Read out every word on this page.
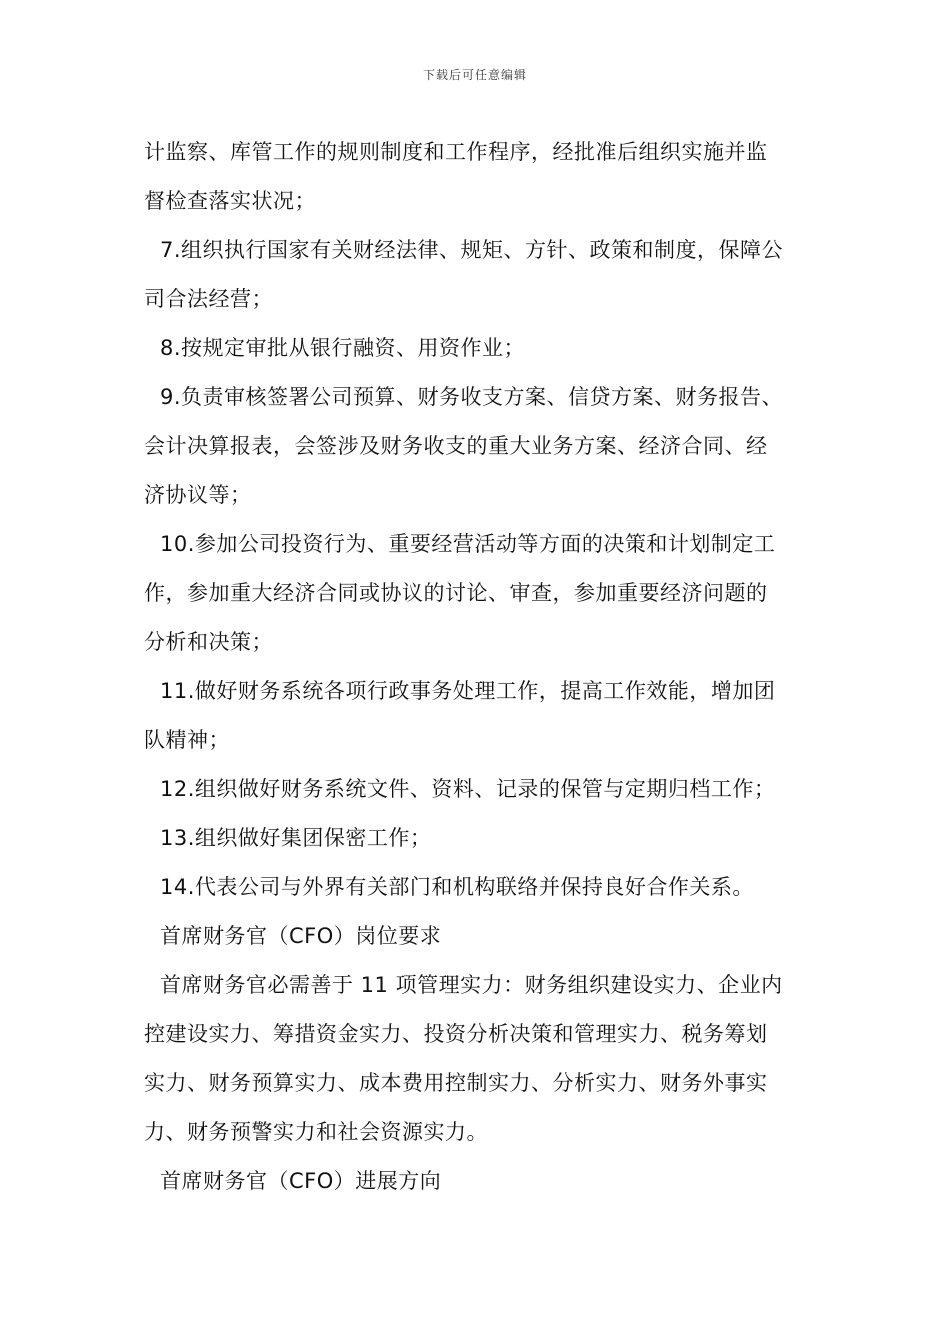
下载后可任意编辑

计监察、库管工作的规则制度和工作程序，经批准后组织实施并监

督检查落实状况；

7.组织执行国家有关财经法律、规矩、方针、政策和制度，保障公

司合法经营；

8.按规定审批从银行融资、用资作业；

9.负责审核签署公司预算、财务收支方案、信贷方案、财务报告、

会计决算报表，会签涉及财务收支的重大业务方案、经济合同、经

济协议等；

10.参加公司投资行为、重要经营活动等方面的决策和计划制定工

作，参加重大经济合同或协议的讨论、审查，参加重要经济问题的

分析和决策；

11.做好财务系统各项行政事务处理工作，提高工作效能，增加团

队精神；

12.组织做好财务系统文件、资料、记录的保管与定期归档工作；

13.组织做好集团保密工作；

14.代表公司与外界有关部门和机构联络并保持良好合作关系。

首席财务官（CFO）岗位要求

首席财务官必需善于 11 项管理实力：财务组织建设实力、企业内

控建设实力、筹措资金实力、投资分析决策和管理实力、税务筹划

实力、财务预算实力、成本费用控制实力、分析实力、财务外事实

力、财务预警实力和社会资源实力。

首席财务官（CFO）进展方向
